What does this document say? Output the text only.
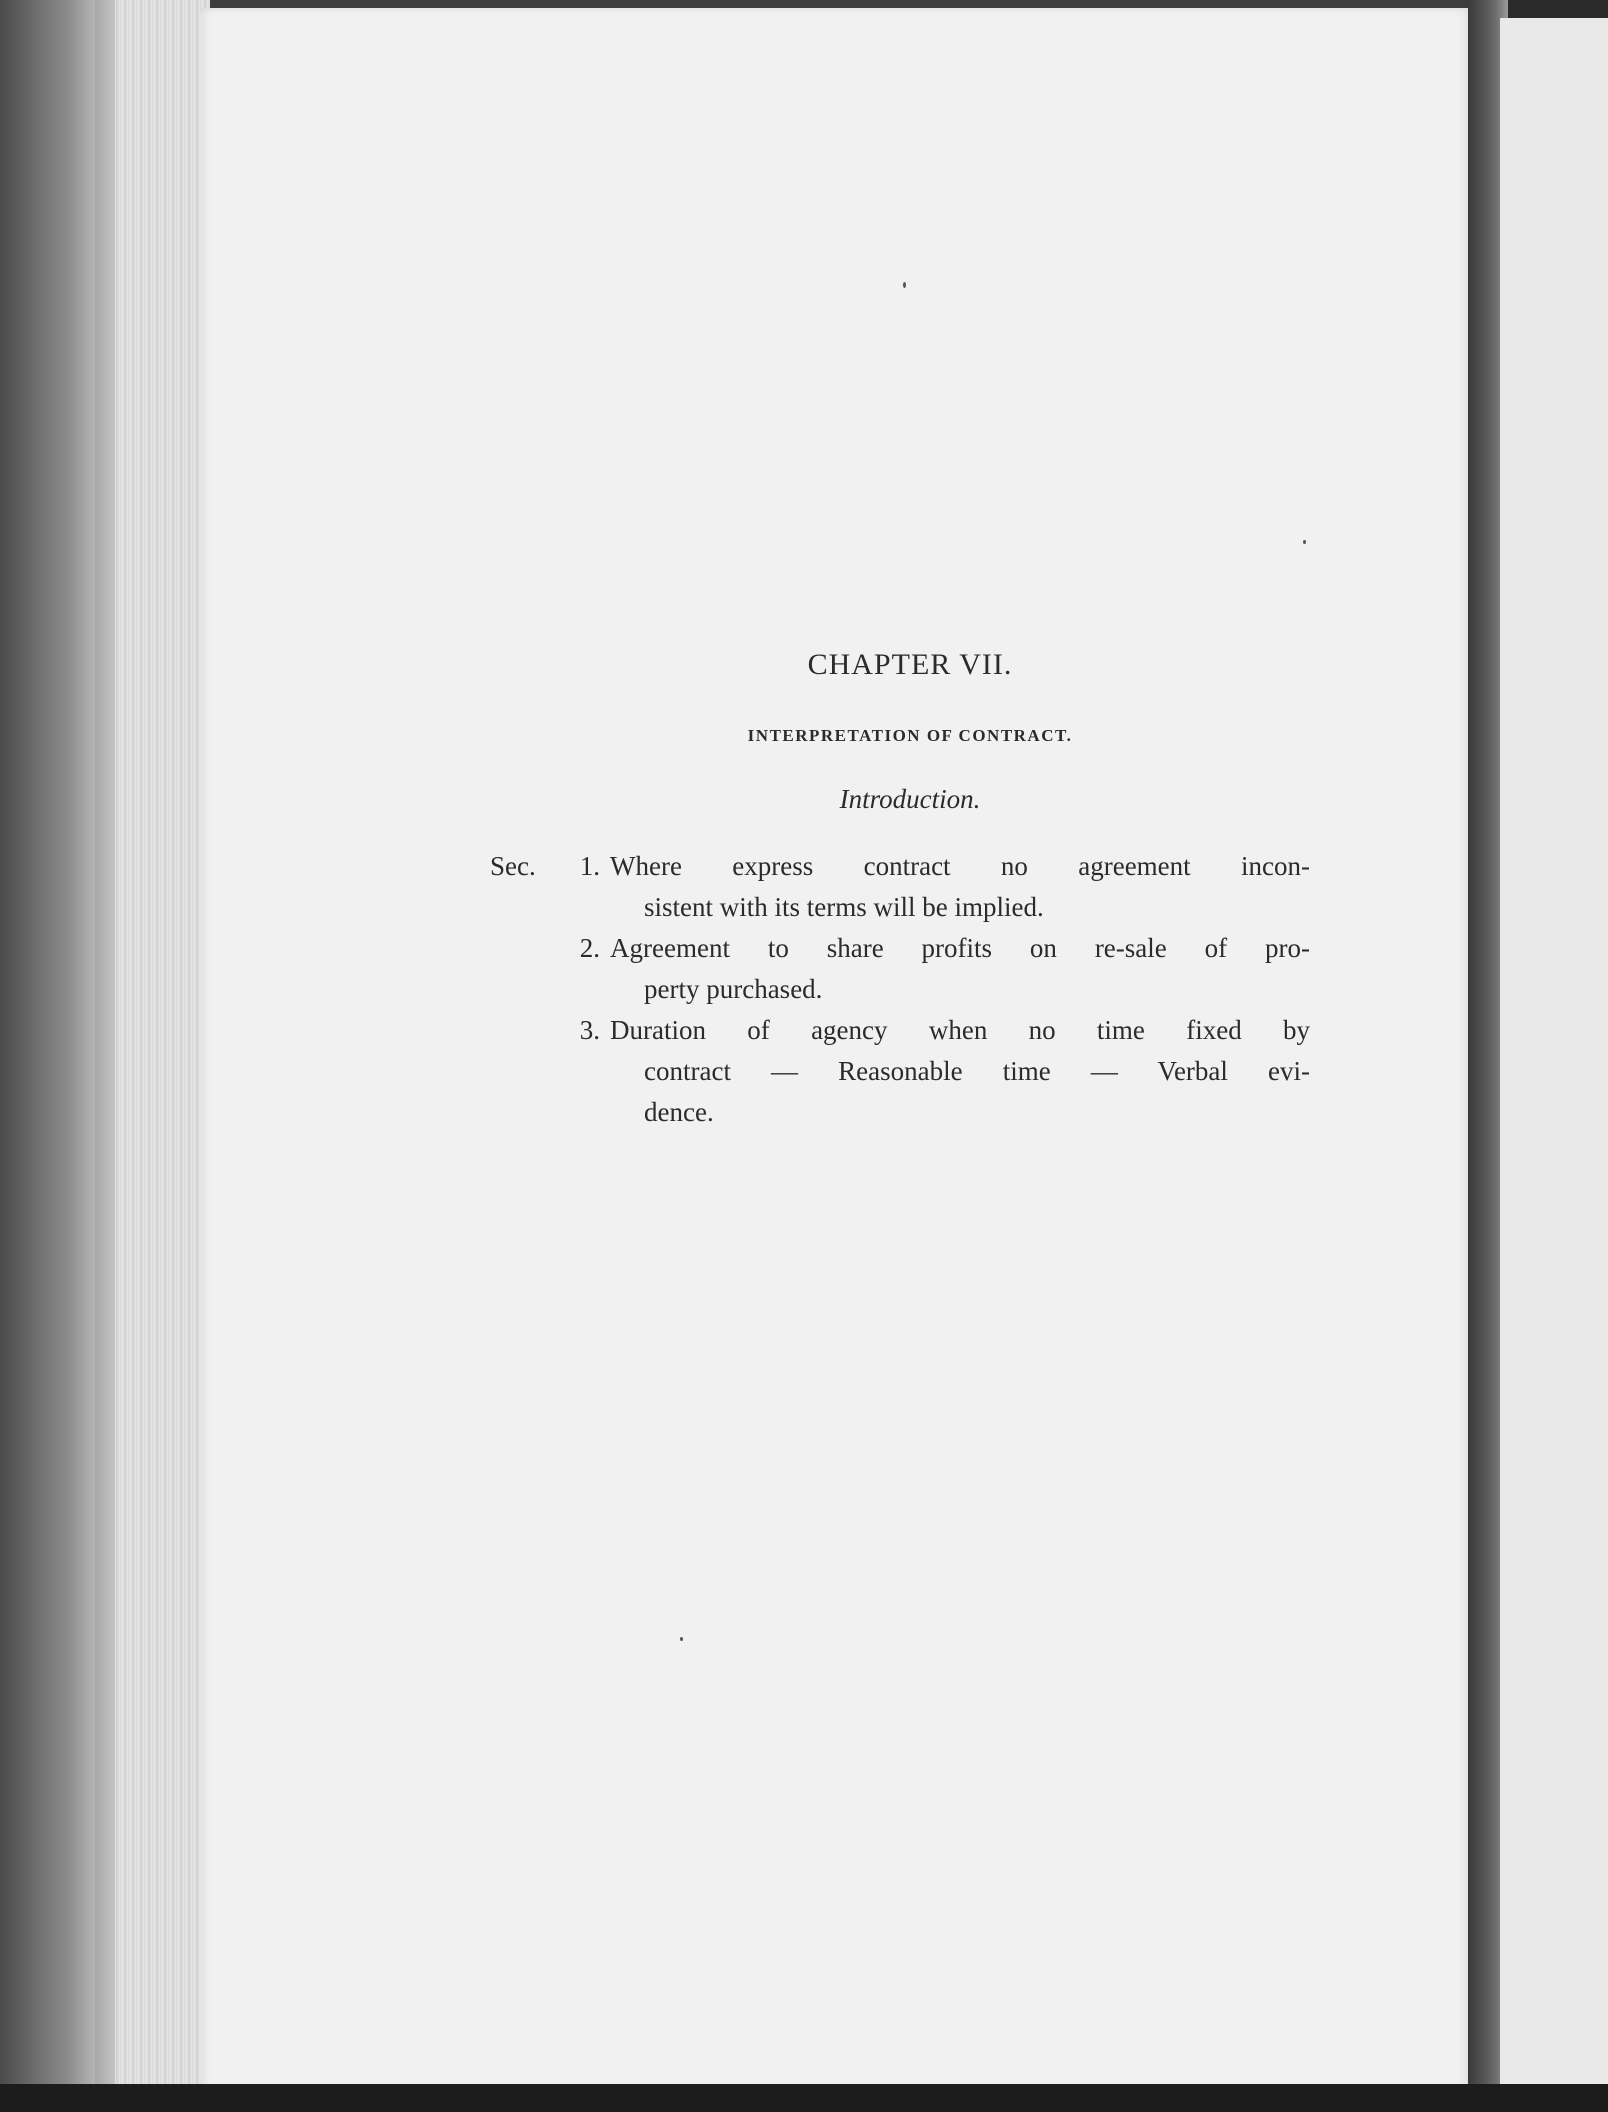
CHAPTER VII.
INTERPRETATION OF CONTRACT.
Introduction.
Sec.	1. Where express contract no agreement incon-
sistent with its terms will be implied.
2. Agreement to share profits on re-sale of pro-
perty purchased.
3. Duration of agency when no time fixed by
contract — Reasonable time — Verbal evi-
dence.
